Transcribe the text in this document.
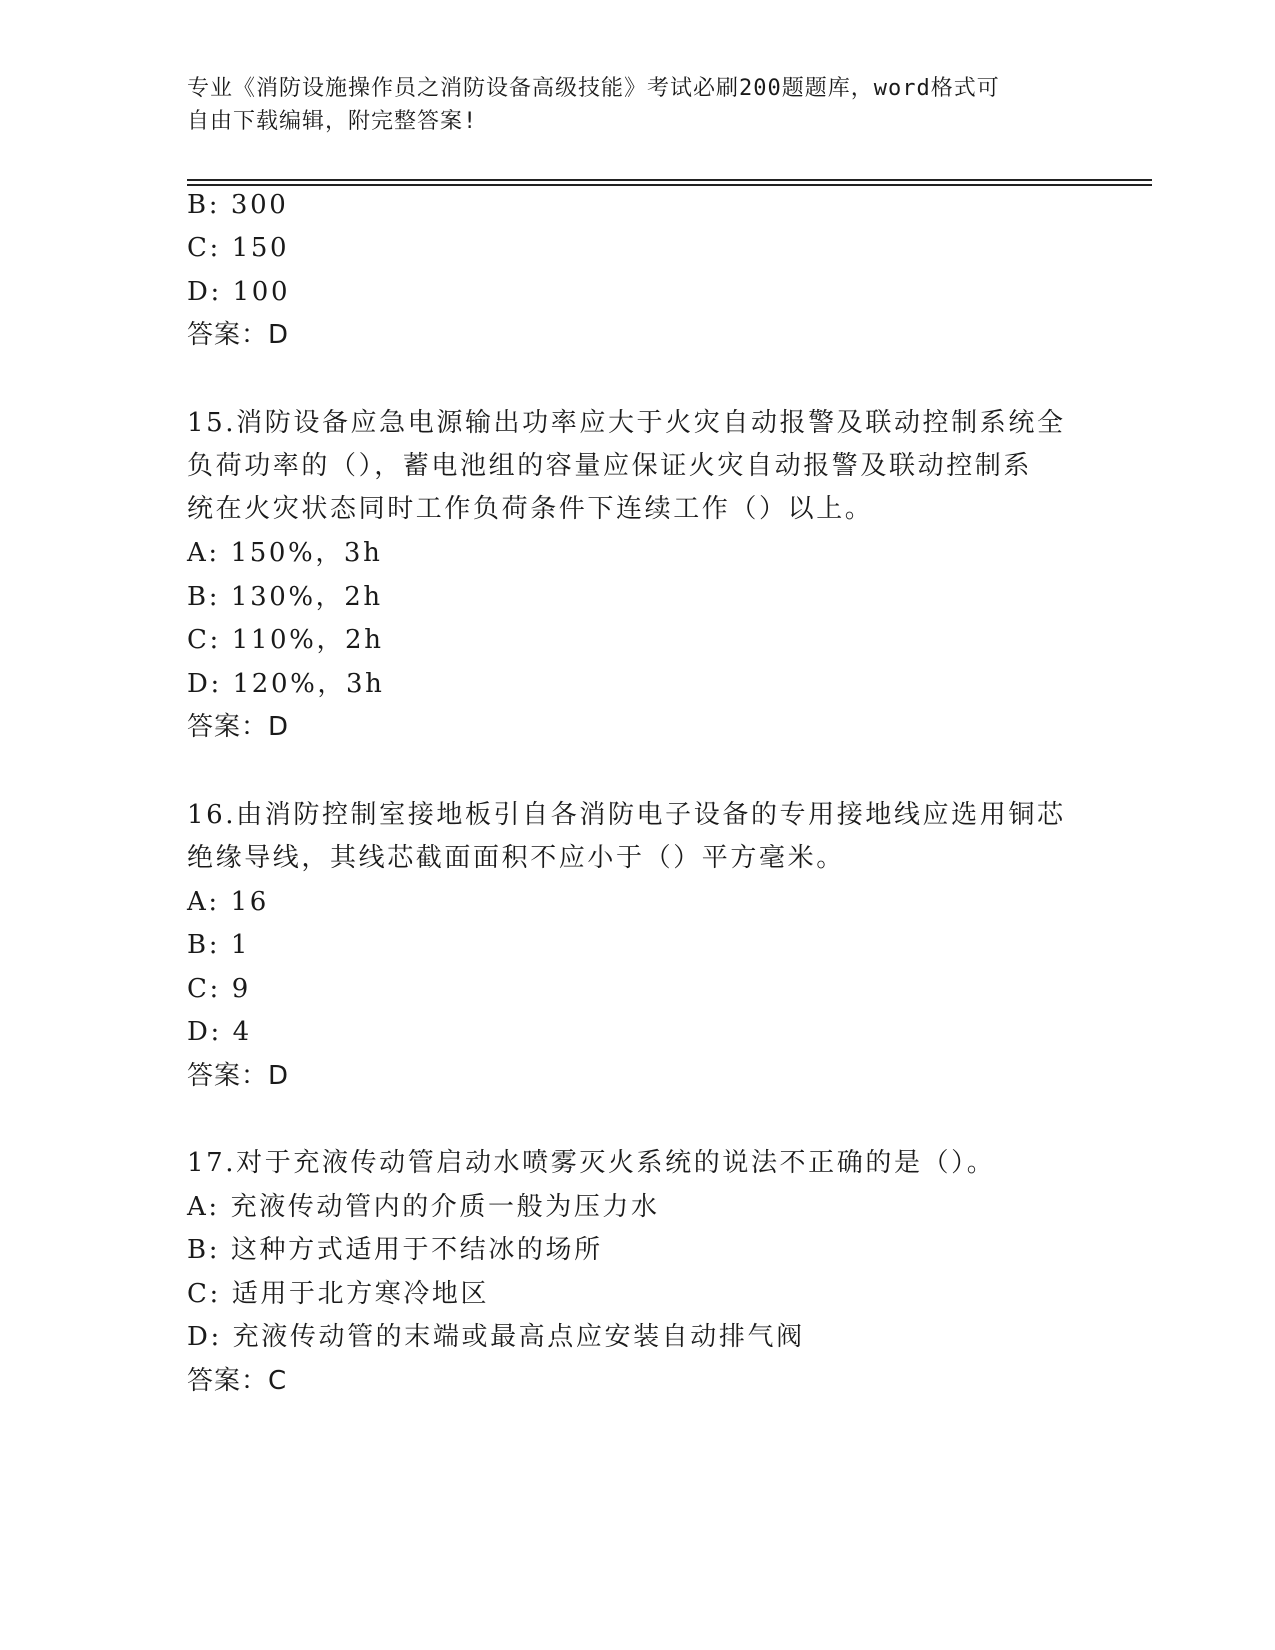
专业《消防设施操作员之消防设备高级技能》考试必刷200题题库，word格式可
自由下载编辑，附完整答案!
B: 300
C: 150
D: 100
答案：D
15.消防设备应急电源输出功率应大于火灾自动报警及联动控制系统全
负荷功率的（），蓄电池组的容量应保证火灾自动报警及联动控制系
统在火灾状态同时工作负荷条件下连续工作（）以上。
A: 150%，3h
B: 130%，2h
C: 110%，2h
D: 120%，3h
答案：D
16.由消防控制室接地板引自各消防电子设备的专用接地线应选用铜芯
绝缘导线，其线芯截面面积不应小于（）平方毫米。
A: 16
B: 1
C: 9
D: 4
答案：D
17.对于充液传动管启动水喷雾灭火系统的说法不正确的是（）。
A: 充液传动管内的介质一般为压力水
B: 这种方式适用于不结冰的场所
C: 适用于北方寒冷地区
D: 充液传动管的末端或最高点应安装自动排气阀
答案：C
